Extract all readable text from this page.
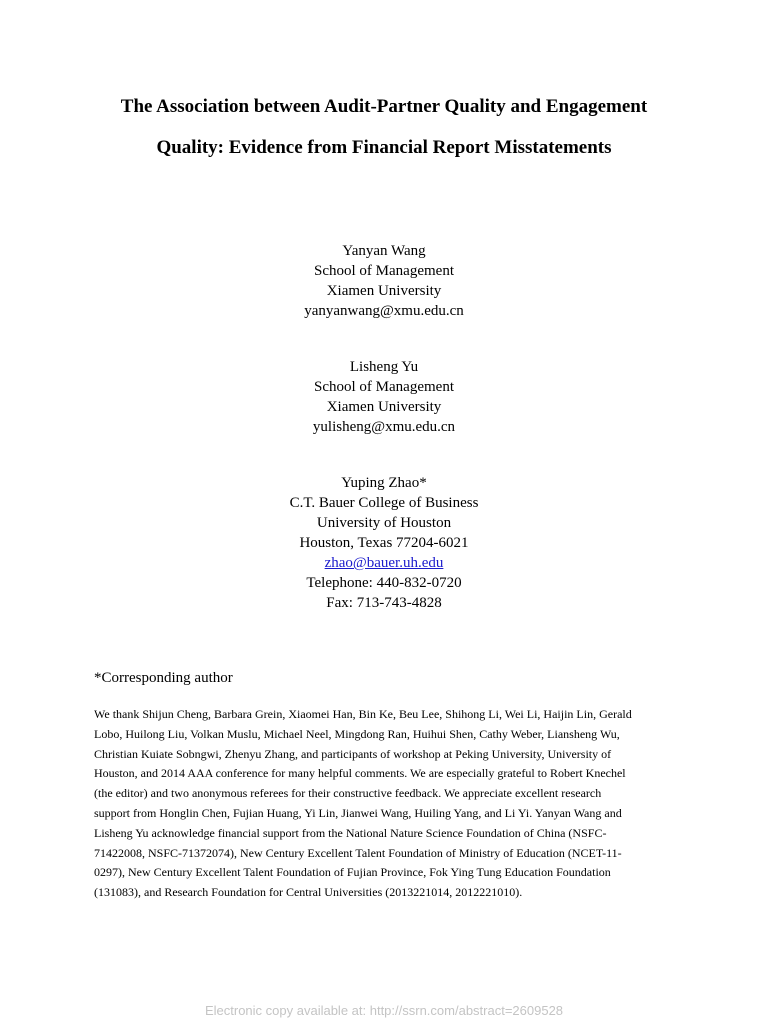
The Association between Audit-Partner Quality and Engagement
Quality: Evidence from Financial Report Misstatements
Yanyan Wang
School of Management
Xiamen University
yanyanwang@xmu.edu.cn
Lisheng Yu
School of Management
Xiamen University
yulisheng@xmu.edu.cn
Yuping Zhao*
C.T. Bauer College of Business
University of Houston
Houston, Texas 77204-6021
zhao@bauer.uh.edu
Telephone: 440-832-0720
Fax: 713-743-4828
*Corresponding author
We thank Shijun Cheng, Barbara Grein, Xiaomei Han, Bin Ke, Beu Lee, Shihong Li, Wei Li, Haijin Lin, Gerald
Lobo, Huilong Liu, Volkan Muslu, Michael Neel, Mingdong Ran, Huihui Shen, Cathy Weber, Liansheng Wu,
Christian Kuiate Sobngwi, Zhenyu Zhang, and participants of workshop at Peking University, University of
Houston, and 2014 AAA conference for many helpful comments. We are especially grateful to Robert Knechel
(the editor) and two anonymous referees for their constructive feedback. We appreciate excellent research
support from Honglin Chen, Fujian Huang, Yi Lin, Jianwei Wang, Huiling Yang, and Li Yi. Yanyan Wang and
Lisheng Yu acknowledge financial support from the National Nature Science Foundation of China (NSFC-
71422008, NSFC-71372074), New Century Excellent Talent Foundation of Ministry of Education (NCET-11-
0297), New Century Excellent Talent Foundation of Fujian Province, Fok Ying Tung Education Foundation
(131083), and Research Foundation for Central Universities (2013221014, 2012221010).
Electronic copy available at: http://ssrn.com/abstract=2609528
